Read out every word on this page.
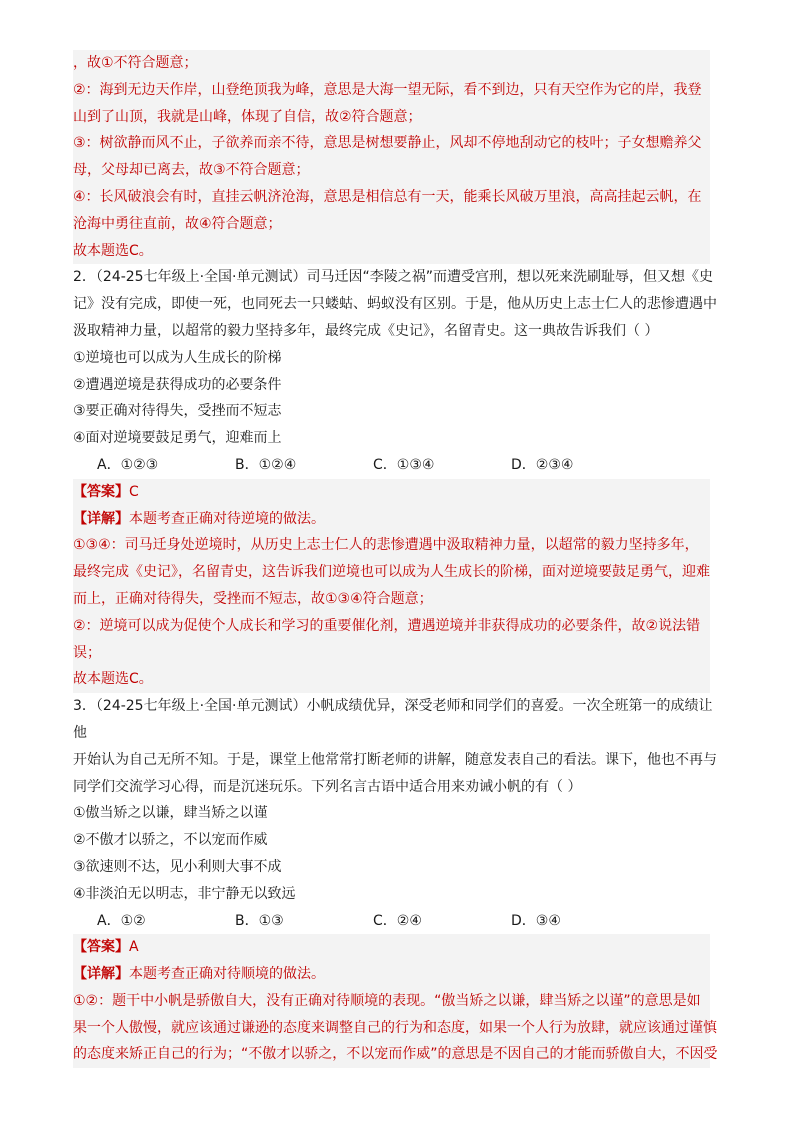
，故①不符合题意；
②：海到无边天作岸，山登绝顶我为峰，意思是大海一望无际，看不到边，只有天空作为它的岸，我登
山到了山顶，我就是山峰，体现了自信，故②符合题意；
③：树欲静而风不止，子欲养而亲不待，意思是树想要静止，风却不停地刮动它的枝叶；子女想赡养父
母，父母却已离去，故③不符合题意；
④：长风破浪会有时，直挂云帆济沧海，意思是相信总有一天，能乘长风破万里浪，高高挂起云帆，在
沧海中勇往直前，故④符合题意；
故本题选C。
2．（24-25七年级上·全国·单元测试）司马迁因“李陵之祸”而遭受宫刑，想以死来洗刷耻辱，但又想《史
记》没有完成，即使一死，也同死去一只蝼蛄、蚂蚁没有区别。于是，他从历史上志士仁人的悲惨遭遇中
汲取精神力量，以超常的毅力坚持多年，最终完成《史记》，名留青史。这一典故告诉我们（ ）
①逆境也可以成为人生成长的阶梯
②遭遇逆境是获得成功的必要条件
③要正确对待得失，受挫而不短志
④面对逆境要鼓足勇气，迎难而上
A．①②③	B．①②④	C．①③④	D．②③④
【答案】C
【详解】本题考查正确对待逆境的做法。
①③④：司马迁身处逆境时，从历史上志士仁人的悲惨遭遇中汲取精神力量，以超常的毅力坚持多年，
最终完成《史记》，名留青史，这告诉我们逆境也可以成为人生成长的阶梯，面对逆境要鼓足勇气，迎难
而上，正确对待得失，受挫而不短志，故①③④符合题意；
②：逆境可以成为促使个人成长和学习的重要催化剂，遭遇逆境并非获得成功的必要条件，故②说法错
误；
故本题选C。
3．（24-25七年级上·全国·单元测试）小帆成绩优异，深受老师和同学们的喜爱。一次全班第一的成绩让
他
开始认为自己无所不知。于是，课堂上他常常打断老师的讲解，随意发表自己的看法。课下，他也不再与
同学们交流学习心得，而是沉迷玩乐。下列名言古语中适合用来劝诫小帆的有（ ）
①傲当矫之以谦，肆当矫之以谨
②不傲才以骄之，不以宠而作威
③欲速则不达，见小利则大事不成
④非淡泊无以明志，非宁静无以致远
A．①②	B．①③	C．②④	D．③④
【答案】A
【详解】本题考查正确对待顺境的做法。
①②：题干中小帆是骄傲自大，没有正确对待顺境的表现。“傲当矫之以谦，肆当矫之以谨”的意思是如
果一个人傲慢，就应该通过谦逊的态度来调整自己的行为和态度，如果一个人行为放肆，就应该通过谨慎
的态度来矫正自己的行为；“不傲才以骄之，不以宠而作威”的意思是不因自己的才能而骄傲自大，不因受
